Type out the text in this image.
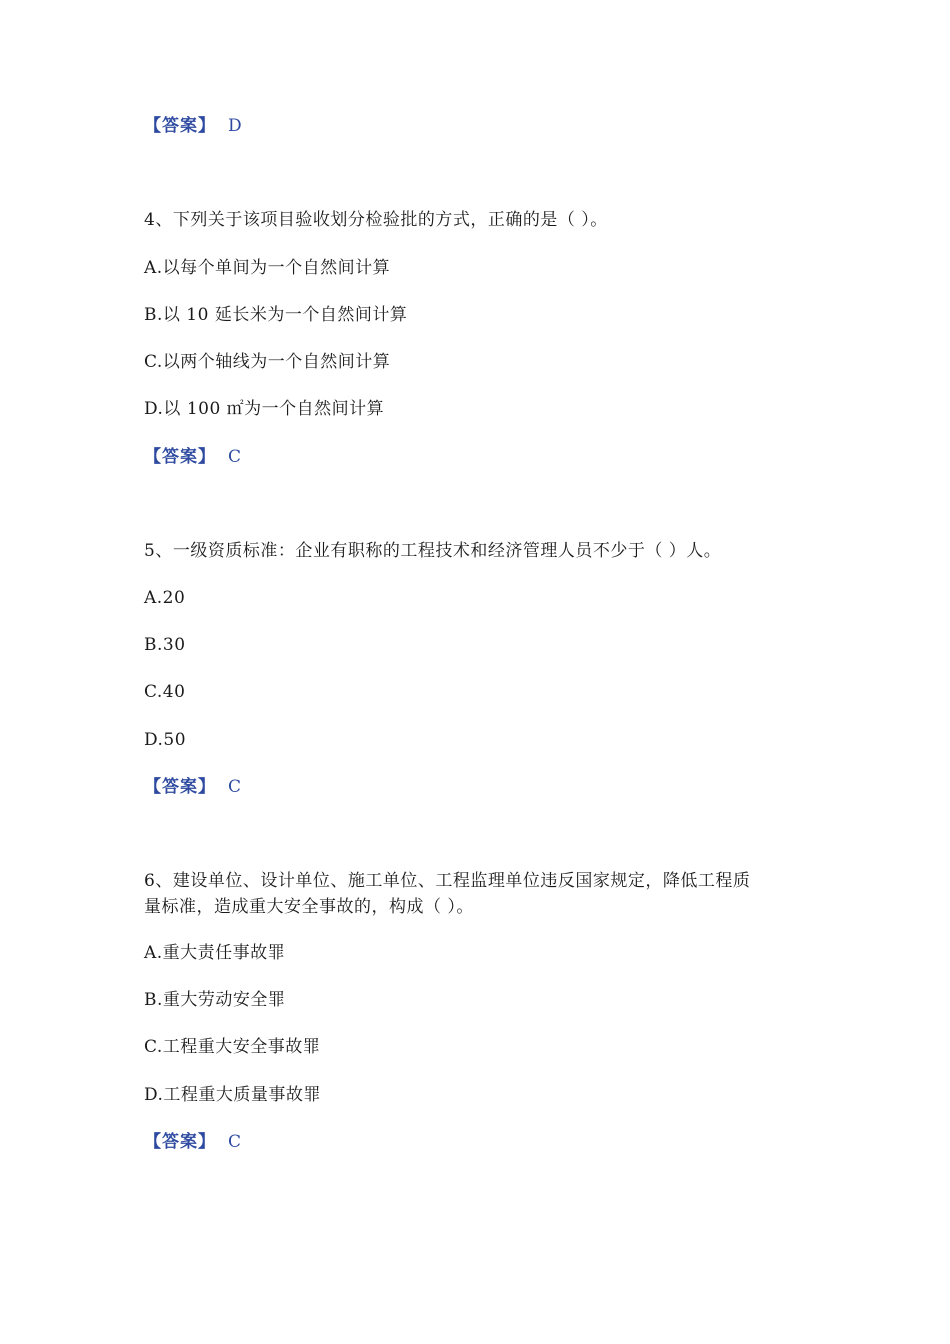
【答案】 D
4、下列关于该项目验收划分检验批的方式，正确的是（ ）。
A.以每个单间为一个自然间计算
B.以 10 延长米为一个自然间计算
C.以两个轴线为一个自然间计算
D.以 100 ㎡为一个自然间计算
【答案】 C
5、一级资质标准：企业有职称的工程技术和经济管理人员不少于（ ）人。
A.20
B.30
C.40
D.50
【答案】 C
6、建设单位、设计单位、施工单位、工程监理单位违反国家规定，降低工程质
量标准，造成重大安全事故的，构成（ ）。
A.重大责任事故罪
B.重大劳动安全罪
C.工程重大安全事故罪
D.工程重大质量事故罪
【答案】 C
